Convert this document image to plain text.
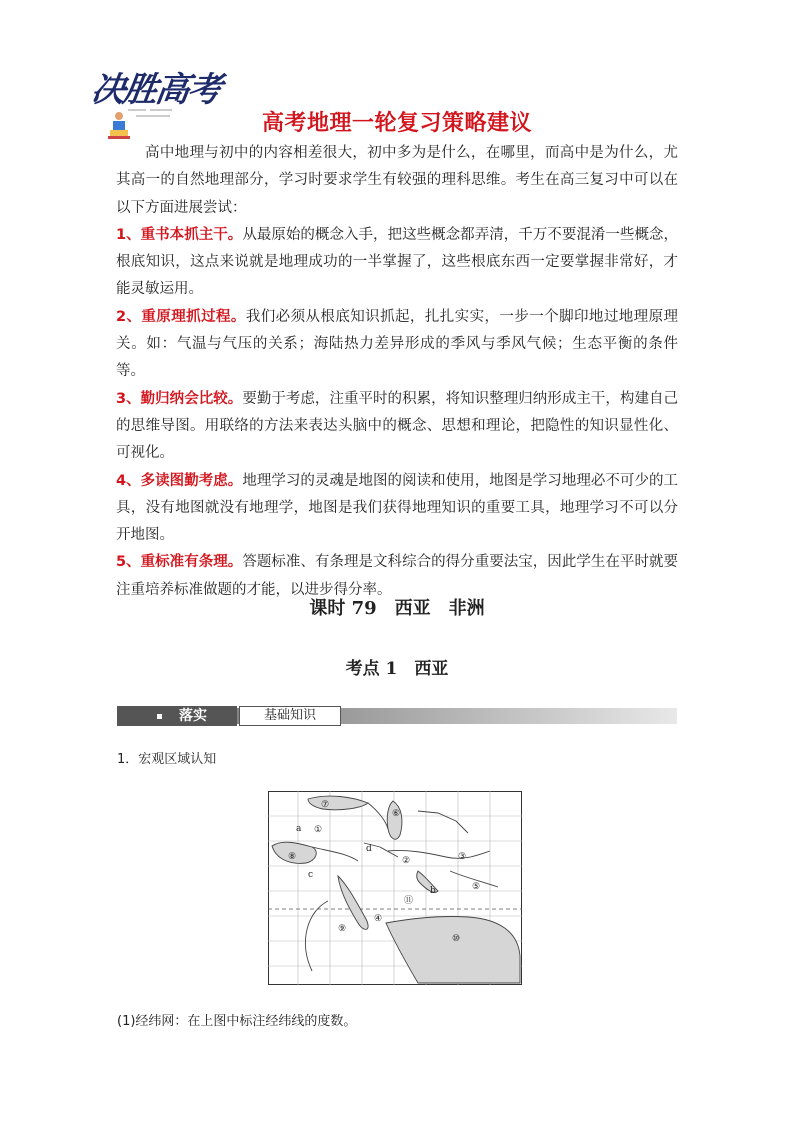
决胜高考
高考地理一轮复习策略建议

高中地理与初中的内容相差很大，初中多为是什么，在哪里，而高中是为什么，尤其高一的自然地理部分，学习时要求学生有较强的理科思维。考生在高三复习中可以在以下方面进展尝试：

1、重书本抓主干。从最原始的概念入手，把这些概念都弄清，千万不要混淆一些概念，根底知识，这点来说就是地理成功的一半掌握了，这些根底东西一定要掌握非常好，才能灵敏运用。

2、重原理抓过程。我们必须从根底知识抓起，扎扎实实，一步一个脚印地过地理原理关。如：气温与气压的关系；海陆热力差异形成的季风与季风气候；生态平衡的条件等。

3、勤归纳会比较。要勤于考虑，注重平时的积累，将知识整理归纳形成主干，构建自己的思维导图。用联络的方法来表达头脑中的概念、思想和理论，把隐性的知识显性化、可视化。

4、多读图勤考虑。地理学习的灵魂是地图的阅读和使用，地图是学习地理必不可少的工具，没有地图就没有地理学，地图是我们获得地理知识的重要工具，地理学习不可以分开地图。

5、重标准有条理。答题标准、有条理是文科综合的得分重要法宝，因此学生在平时就要注重培养标准做题的才能，以进步得分率。

课时 79　西亚　非洲
考点 1　西亚
落实	基础知识
1．宏观区域认知
⑦
⑥
a ①
⑧
c
d
②	③
⑤
b
⑪
④
⑨
⑩
(1)经纬网：在上图中标注经纬线的度数。
